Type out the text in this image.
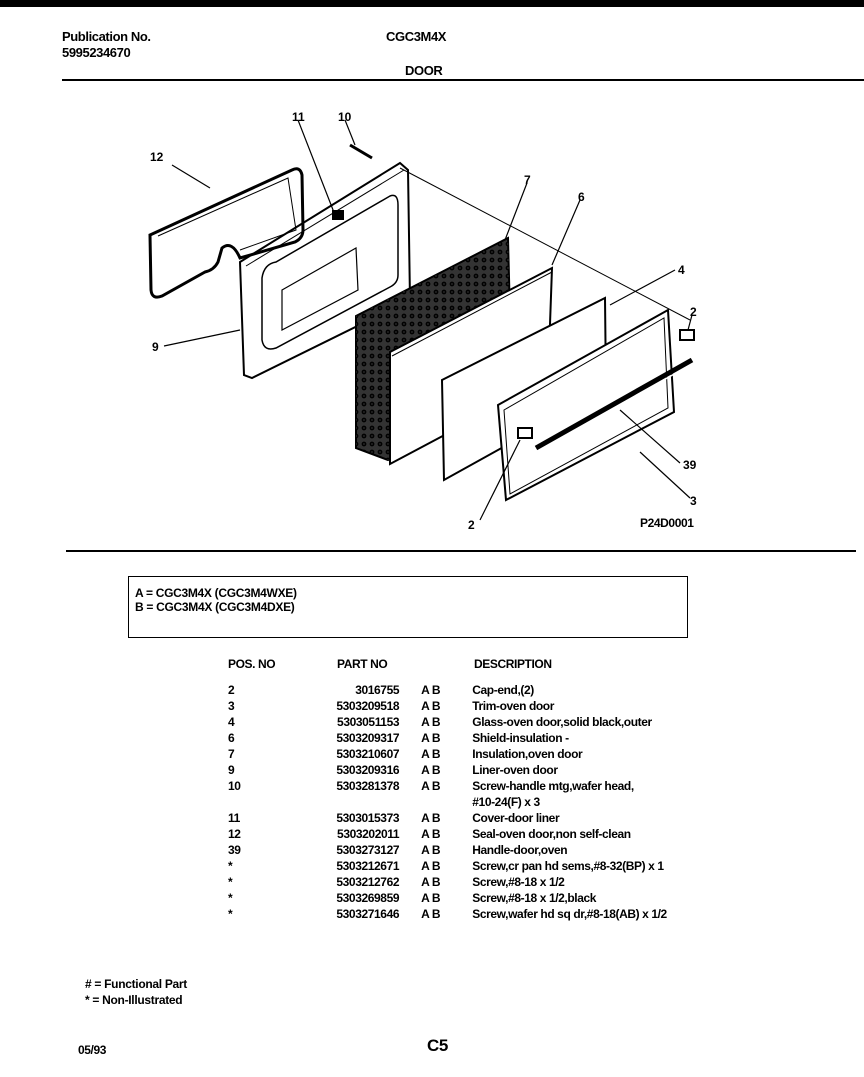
Publication No.
5995234670
CGC3M4X
DOOR
12
11	10
7
6
4
2
9
39
3
2	P24D0001
A = CGC3M4X (CGC3M4WXE)
B = CGC3M4X (CGC3M4DXE)
POS. NO	PART NO	DESCRIPTION
2	3016755	A B	Cap-end,(2)
3	5303209518	A B	Trim-oven door
4	5303051153	A B	Glass-oven door,solid black,outer
6	5303209317	A B	Shield-insulation -
7	5303210607	A B	Insulation,oven door
9	5303209316	A B	Liner-oven door
10	5303281378	A B	Screw-handle mtg,wafer head,
#10-24(F) x 3
11	5303015373	A B	Cover-door liner
12	5303202011	A B	Seal-oven door,non self-clean
39	5303273127	A B	Handle-door,oven
*	5303212671	A B	Screw,cr pan hd sems,#8-32(BP) x 1
*	5303212762	A B	Screw,#8-18 x 1/2
*	5303269859	A B	Screw,#8-18 x 1/2,black
*	5303271646	A B	Screw,wafer hd sq dr,#8-18(AB) x 1/2
# = Functional Part
* = Non-Illustrated
05/93	C5
